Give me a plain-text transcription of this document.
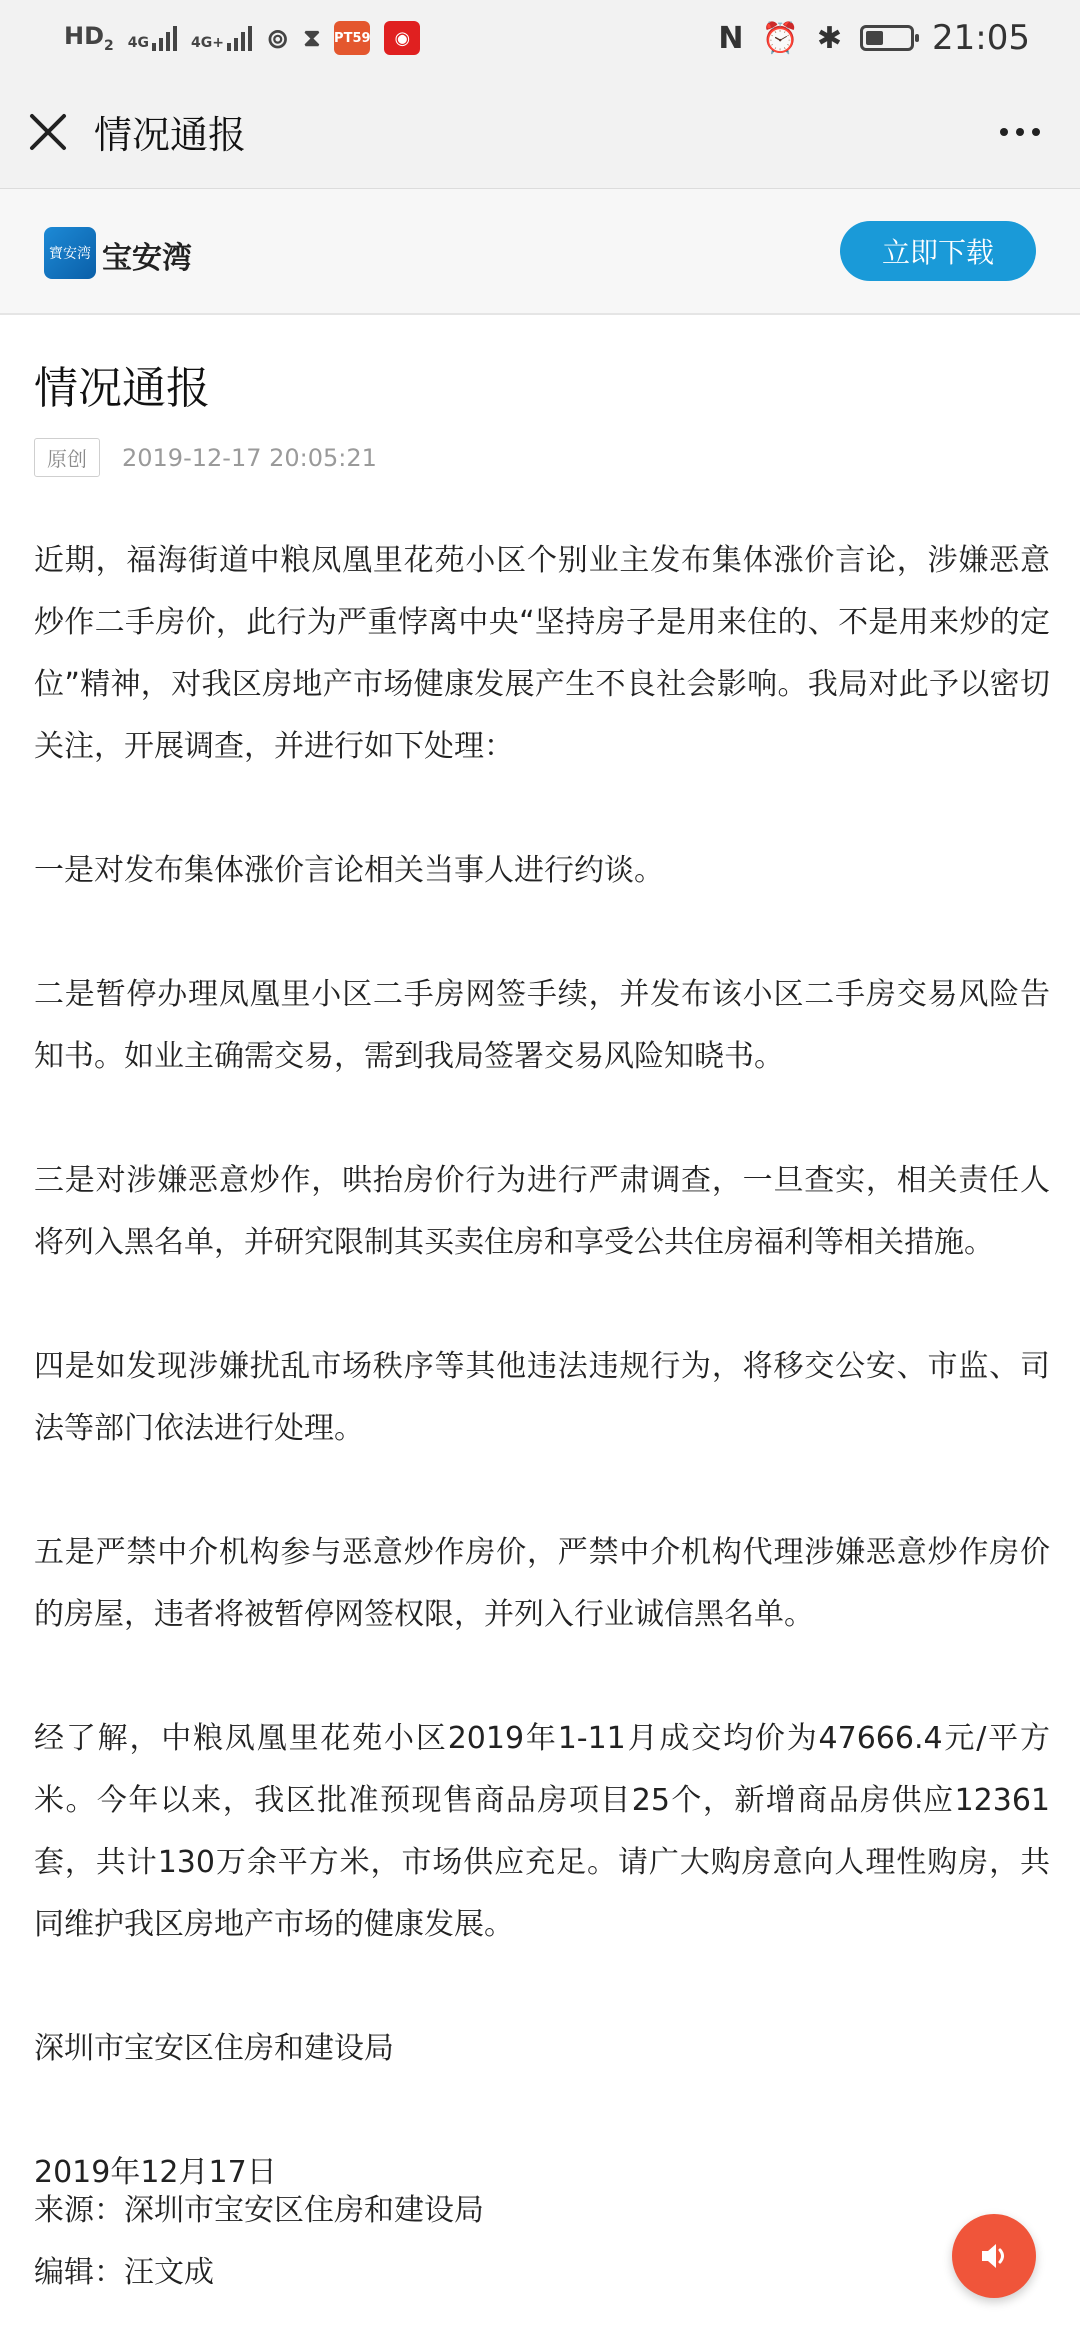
$HD_2$ 4G	4G+ ⊚ ⧗ PT59	◉	N ⏰ ✱	21:05
情况通报
寶安湾 宝安湾	立即下载
情况通报
原创	2019-12-17 20:05:21

近期，福海街道中粮凤凰里花苑小区个别业主发布集体涨价言论，涉嫌恶意炒作二手房价，此行为严重悖离中央“坚持房子是用来住的、不是用来炒的定位”精神，对我区房地产市场健康发展产生不良社会影响。我局对此予以密切关注，开展调查，并进行如下处理：

一是对发布集体涨价言论相关当事人进行约谈。

二是暂停办理凤凰里小区二手房网签手续，并发布该小区二手房交易风险告知书。如业主确需交易，需到我局签署交易风险知晓书。

三是对涉嫌恶意炒作，哄抬房价行为进行严肃调查，一旦查实，相关责任人将列入黑名单，并研究限制其买卖住房和享受公共住房福利等相关措施。

四是如发现涉嫌扰乱市场秩序等其他违法违规行为，将移交公安、市监、司法等部门依法进行处理。

五是严禁中介机构参与恶意炒作房价，严禁中介机构代理涉嫌恶意炒作房价的房屋，违者将被暂停网签权限，并列入行业诚信黑名单。

经了解，中粮凤凰里花苑小区2019年1-11月成交均价为47666.4元/平方米。今年以来，我区批准预现售商品房项目25个，新增商品房供应12361套，共计130万余平方米，市场供应充足。请广大购房意向人理性购房，共同维护我区房地产市场的健康发展。

深圳市宝安区住房和建设局

2019年12月17日

来源：深圳市宝安区住房和建设局
编辑：汪文成
